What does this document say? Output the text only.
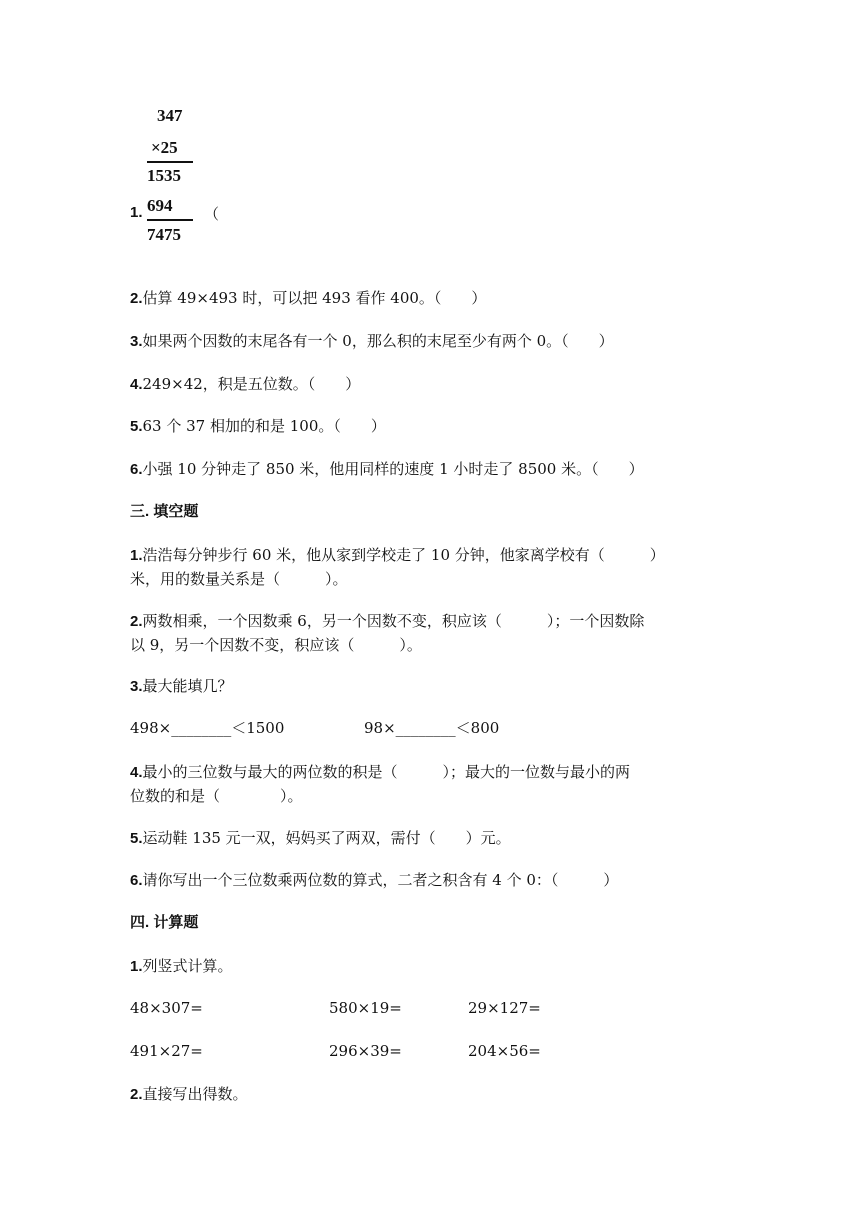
347
×25
1535
1. 694
7475
（
2.估算 49×493 时，可以把 493 看作 400。（　　）
3.如果两个因数的末尾各有一个 0，那么积的末尾至少有两个 0。（　　）
4.249×42，积是五位数。（　　）
5.63 个 37 相加的和是 100。（　　）
6.小强 10 分钟走了 850 米，他用同样的速度 1 小时走了 8500 米。（　　）
三. 填空题
1.浩浩每分钟步行 60 米，他从家到学校走了 10 分钟，他家离学校有（　　　）
米，用的数量关系是（　　　）。
2.两数相乘，一个因数乘 6，另一个因数不变，积应该（　　　）；一个因数除
以 9，另一个因数不变，积应该（　　　）。
3.最大能填几？
498×________＜1500	98×________＜800
4.最小的三位数与最大的两位数的积是（　　　）；最大的一位数与最小的两
位数的和是（　　　　）。
5.运动鞋 135 元一双，妈妈买了两双，需付（　　）元。
6.请你写出一个三位数乘两位数的算式，二者之积含有 4 个 0：（　　　）
四. 计算题
1.列竖式计算。
48×307=	580×19=	29×127=
491×27=	296×39=	204×56=
2.直接写出得数。
